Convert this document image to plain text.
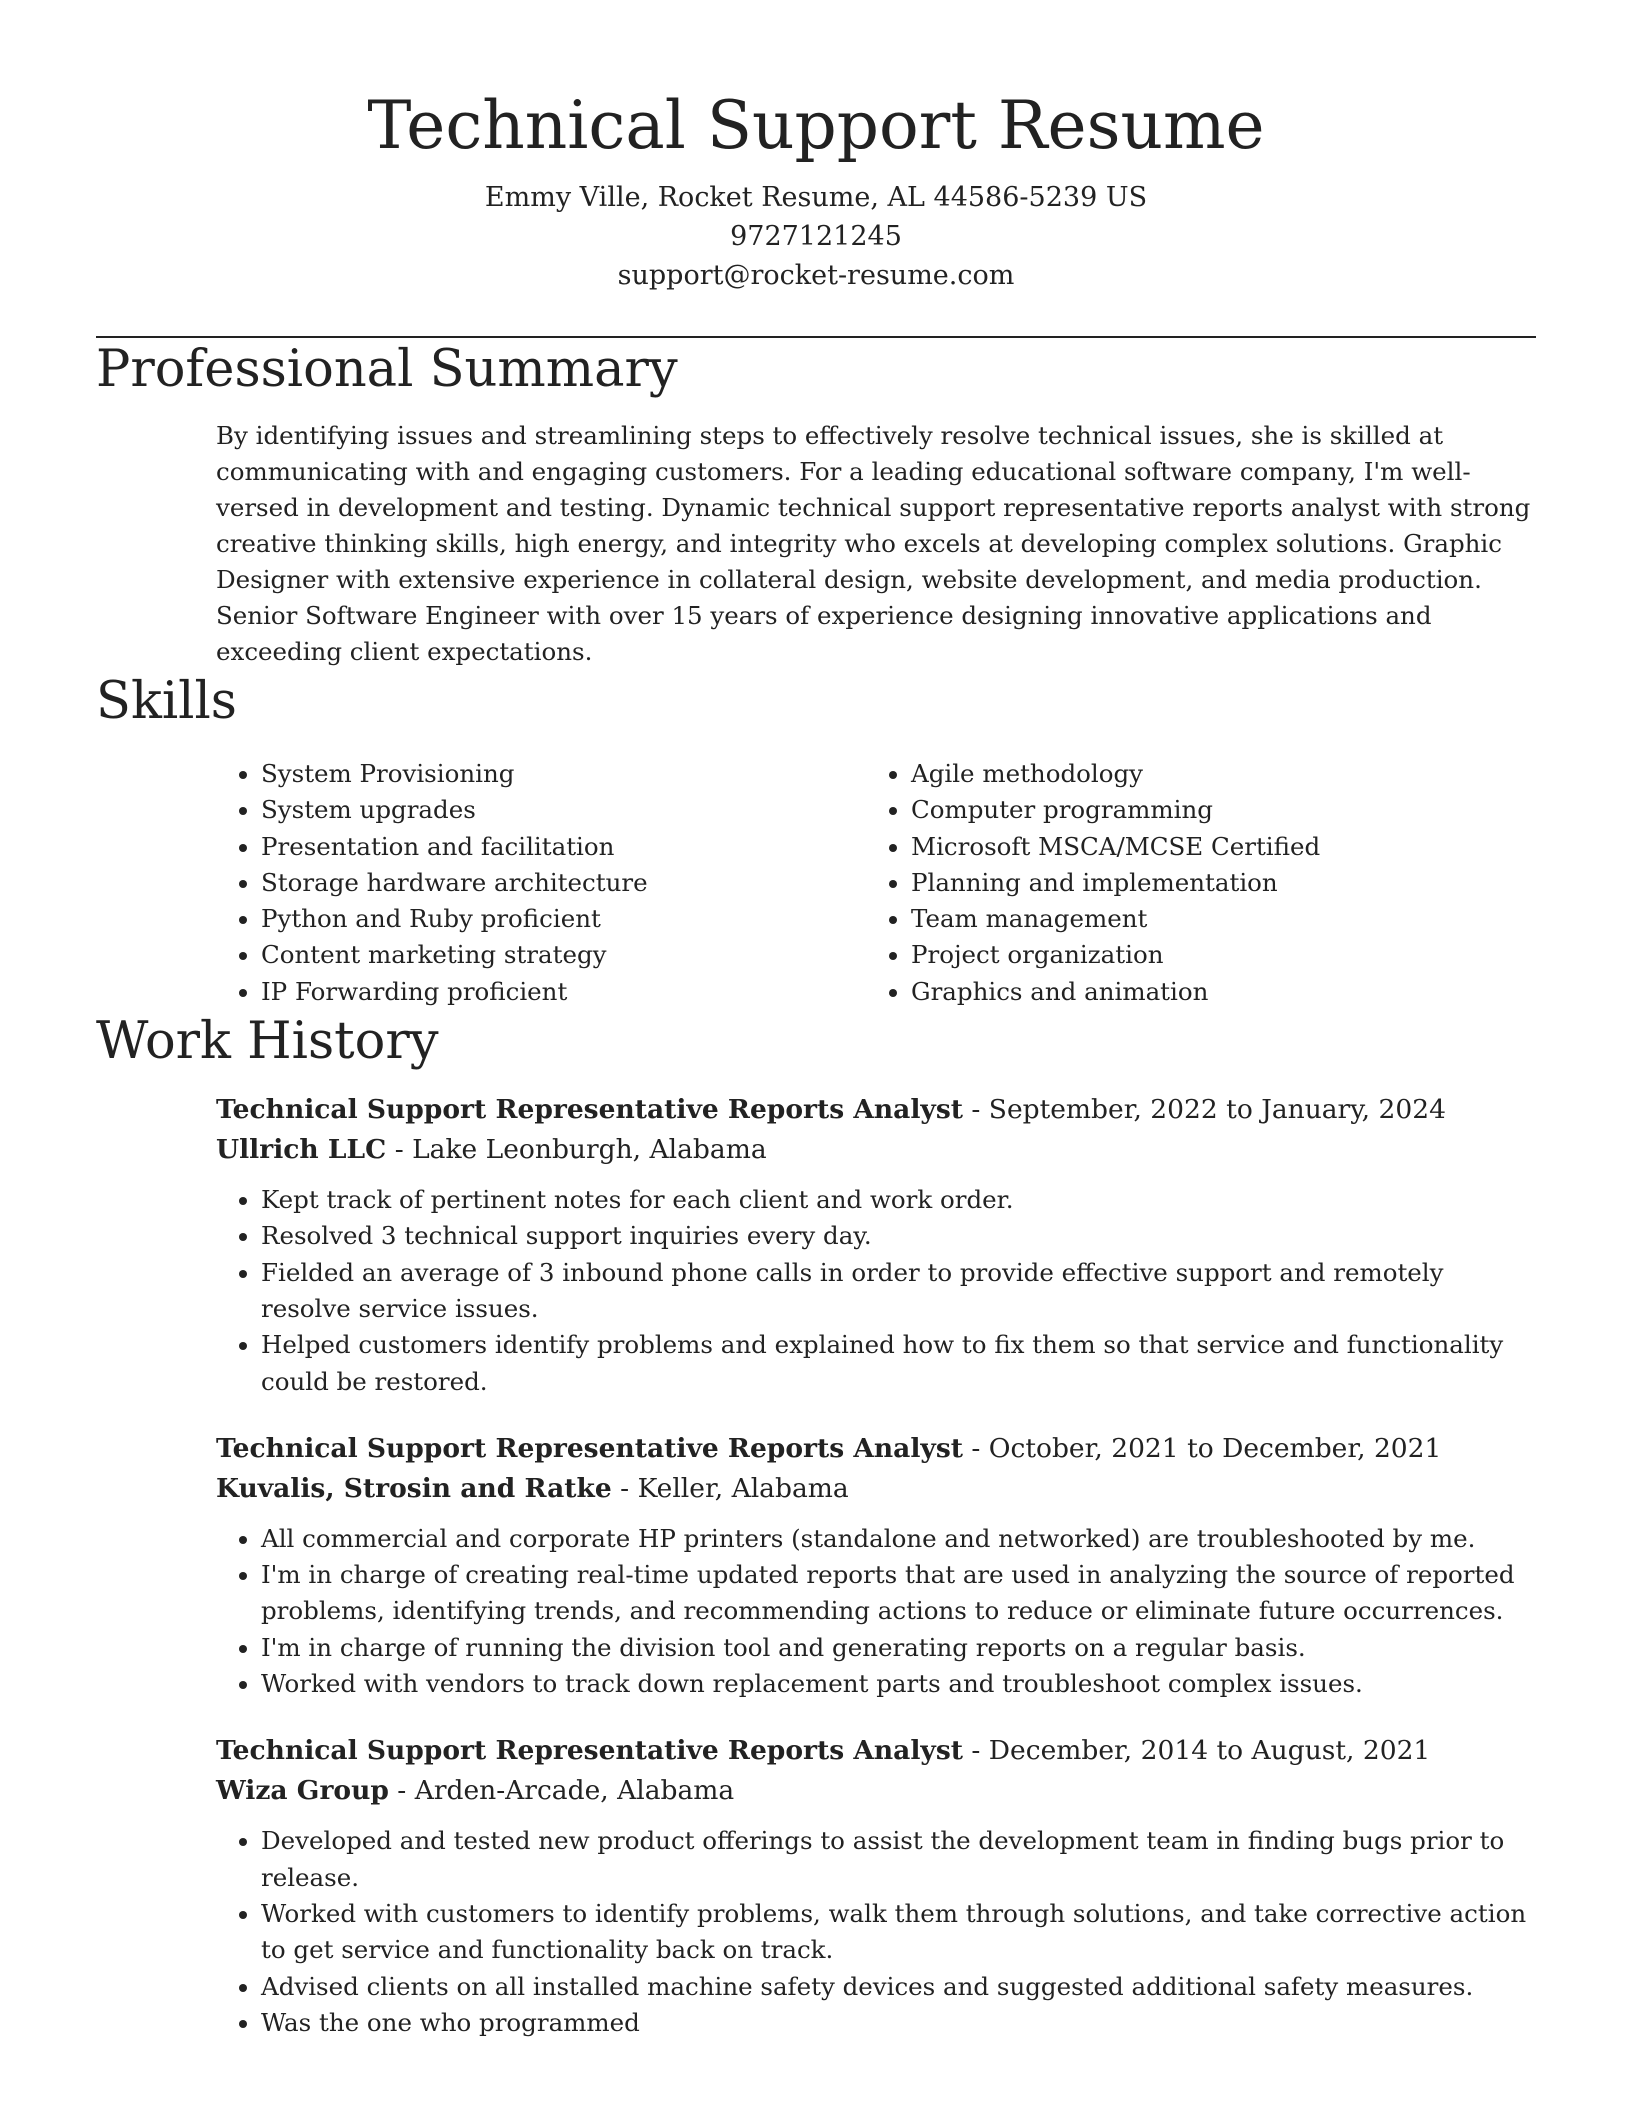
Technical Support Resume
Emmy Ville, Rocket Resume, AL 44586-5239 US
9727121245
support@rocket-resume.com
Professional Summary

By identifying issues and streamlining steps to effectively resolve technical issues, she is skilled at communicating with and engaging customers. For a leading educational software company, I'm well-versed in development and testing. Dynamic technical support representative reports analyst with strong creative thinking skills, high energy, and integrity who excels at developing complex solutions. Graphic Designer with extensive experience in collateral design, website development, and media production. Senior Software Engineer with over 15 years of experience designing innovative applications and exceeding client expectations.

Skills
• System Provisioning
• System upgrades
• Presentation and facilitation
• Storage hardware architecture
• Python and Ruby proficient
• Content marketing strategy
• IP Forwarding proficient
• Agile methodology
• Computer programming
• Microsoft MSCA/MCSE Certified
• Planning and implementation
• Team management
• Project organization
• Graphics and animation
Work History
Technical Support Representative Reports Analyst - September, 2022 to January, 2024
Ullrich LLC - Lake Leonburgh, Alabama
• Kept track of pertinent notes for each client and work order.
• Resolved 3 technical support inquiries every day.
• Fielded an average of 3 inbound phone calls in order to provide effective support and remotely resolve service issues.
• Helped customers identify problems and explained how to fix them so that service and functionality could be restored.
Technical Support Representative Reports Analyst - October, 2021 to December, 2021
Kuvalis, Strosin and Ratke - Keller, Alabama
• All commercial and corporate HP printers (standalone and networked) are troubleshooted by me.
• I'm in charge of creating real-time updated reports that are used in analyzing the source of reported problems, identifying trends, and recommending actions to reduce or eliminate future occurrences.
• I'm in charge of running the division tool and generating reports on a regular basis.
• Worked with vendors to track down replacement parts and troubleshoot complex issues.
Technical Support Representative Reports Analyst - December, 2014 to August, 2021
Wiza Group - Arden-Arcade, Alabama
• Developed and tested new product offerings to assist the development team in finding bugs prior to release.
• Worked with customers to identify problems, walk them through solutions, and take corrective action to get service and functionality back on track.
• Advised clients on all installed machine safety devices and suggested additional safety measures.
• Was the one who programmed
